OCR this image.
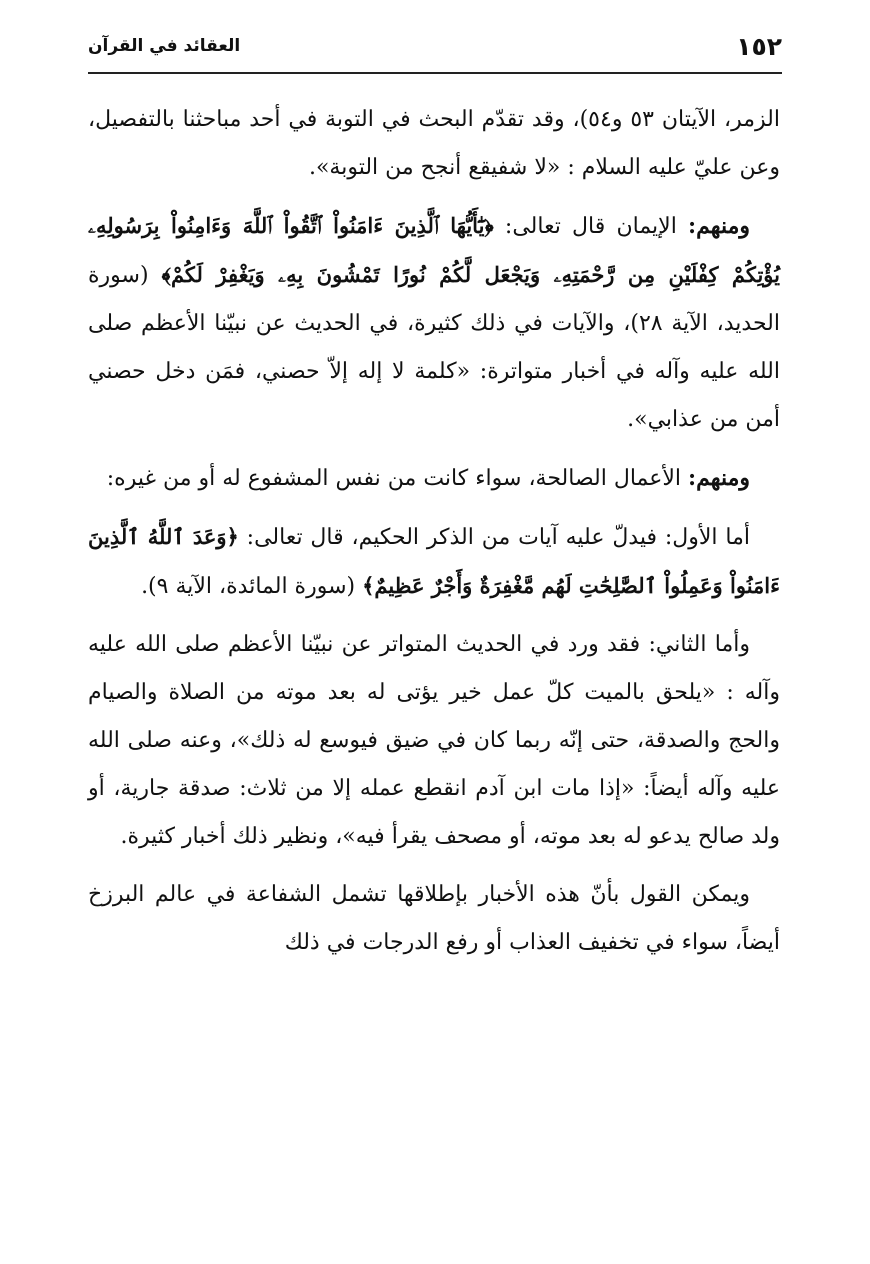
١٥٢
العقائد في القرآن

الزمر، الآيتان ٥٣ و٥٤)، وقد تقدّم البحث في التوبة في أحد مباحثنا بالتفصيل، وعن عليّ عليه السلام : «لا شفيقع أنجح من التوبة».

ومنهم: الإيمان قال تعالى: ﴿يَٰٓأَيُّهَا ٱلَّذِينَ ءَامَنُواْ ٱتَّقُواْ ٱللَّهَ وَءَامِنُواْ بِرَسُولِهِۦ يُؤْتِكُمْ كِفْلَيْنِ مِن رَّحْمَتِهِۦ وَيَجْعَل لَّكُمْ نُورًا تَمْشُونَ بِهِۦ وَيَغْفِرْ لَكُمْ﴾ (سورة الحديد، الآية ٢٨)، والآيات في ذلك كثيرة، في الحديث عن نبيّنا الأعظم صلى الله عليه وآله في أخبار متواترة: «كلمة لا إله إلاّ حصني، فمَن دخل حصني أمن من عذابي».

ومنهم: الأعمال الصالحة، سواء كانت من نفس المشفوع له أو من غيره:

أما الأول: فيدلّ عليه آيات من الذكر الحكيم، قال تعالى: ﴿وَعَدَ ٱللَّهُ ٱلَّذِينَ ءَامَنُواْ وَعَمِلُواْ ٱلصَّٰلِحَٰتِ لَهُم مَّغْفِرَةٌ وَأَجْرٌ عَظِيمٌ﴾ (سورة المائدة، الآية ٩).

وأما الثاني: فقد ورد في الحديث المتواتر عن نبيّنا الأعظم صلى الله عليه وآله : «يلحق بالميت كلّ عمل خير يؤتى له بعد موته من الصلاة والصيام والحج والصدقة، حتى إنّه ربما كان في ضيق فيوسع له ذلك»، وعنه صلى الله عليه وآله أيضاً: «إذا مات ابن آدم انقطع عمله إلا من ثلاث: صدقة جارية، أو ولد صالح يدعو له بعد موته، أو مصحف يقرأ فيه»، ونظير ذلك أخبار كثيرة.

ويمكن القول بأنّ هذه الأخبار بإطلاقها تشمل الشفاعة في عالم البرزخ أيضاً، سواء في تخفيف العذاب أو رفع الدرجات في ذلك
